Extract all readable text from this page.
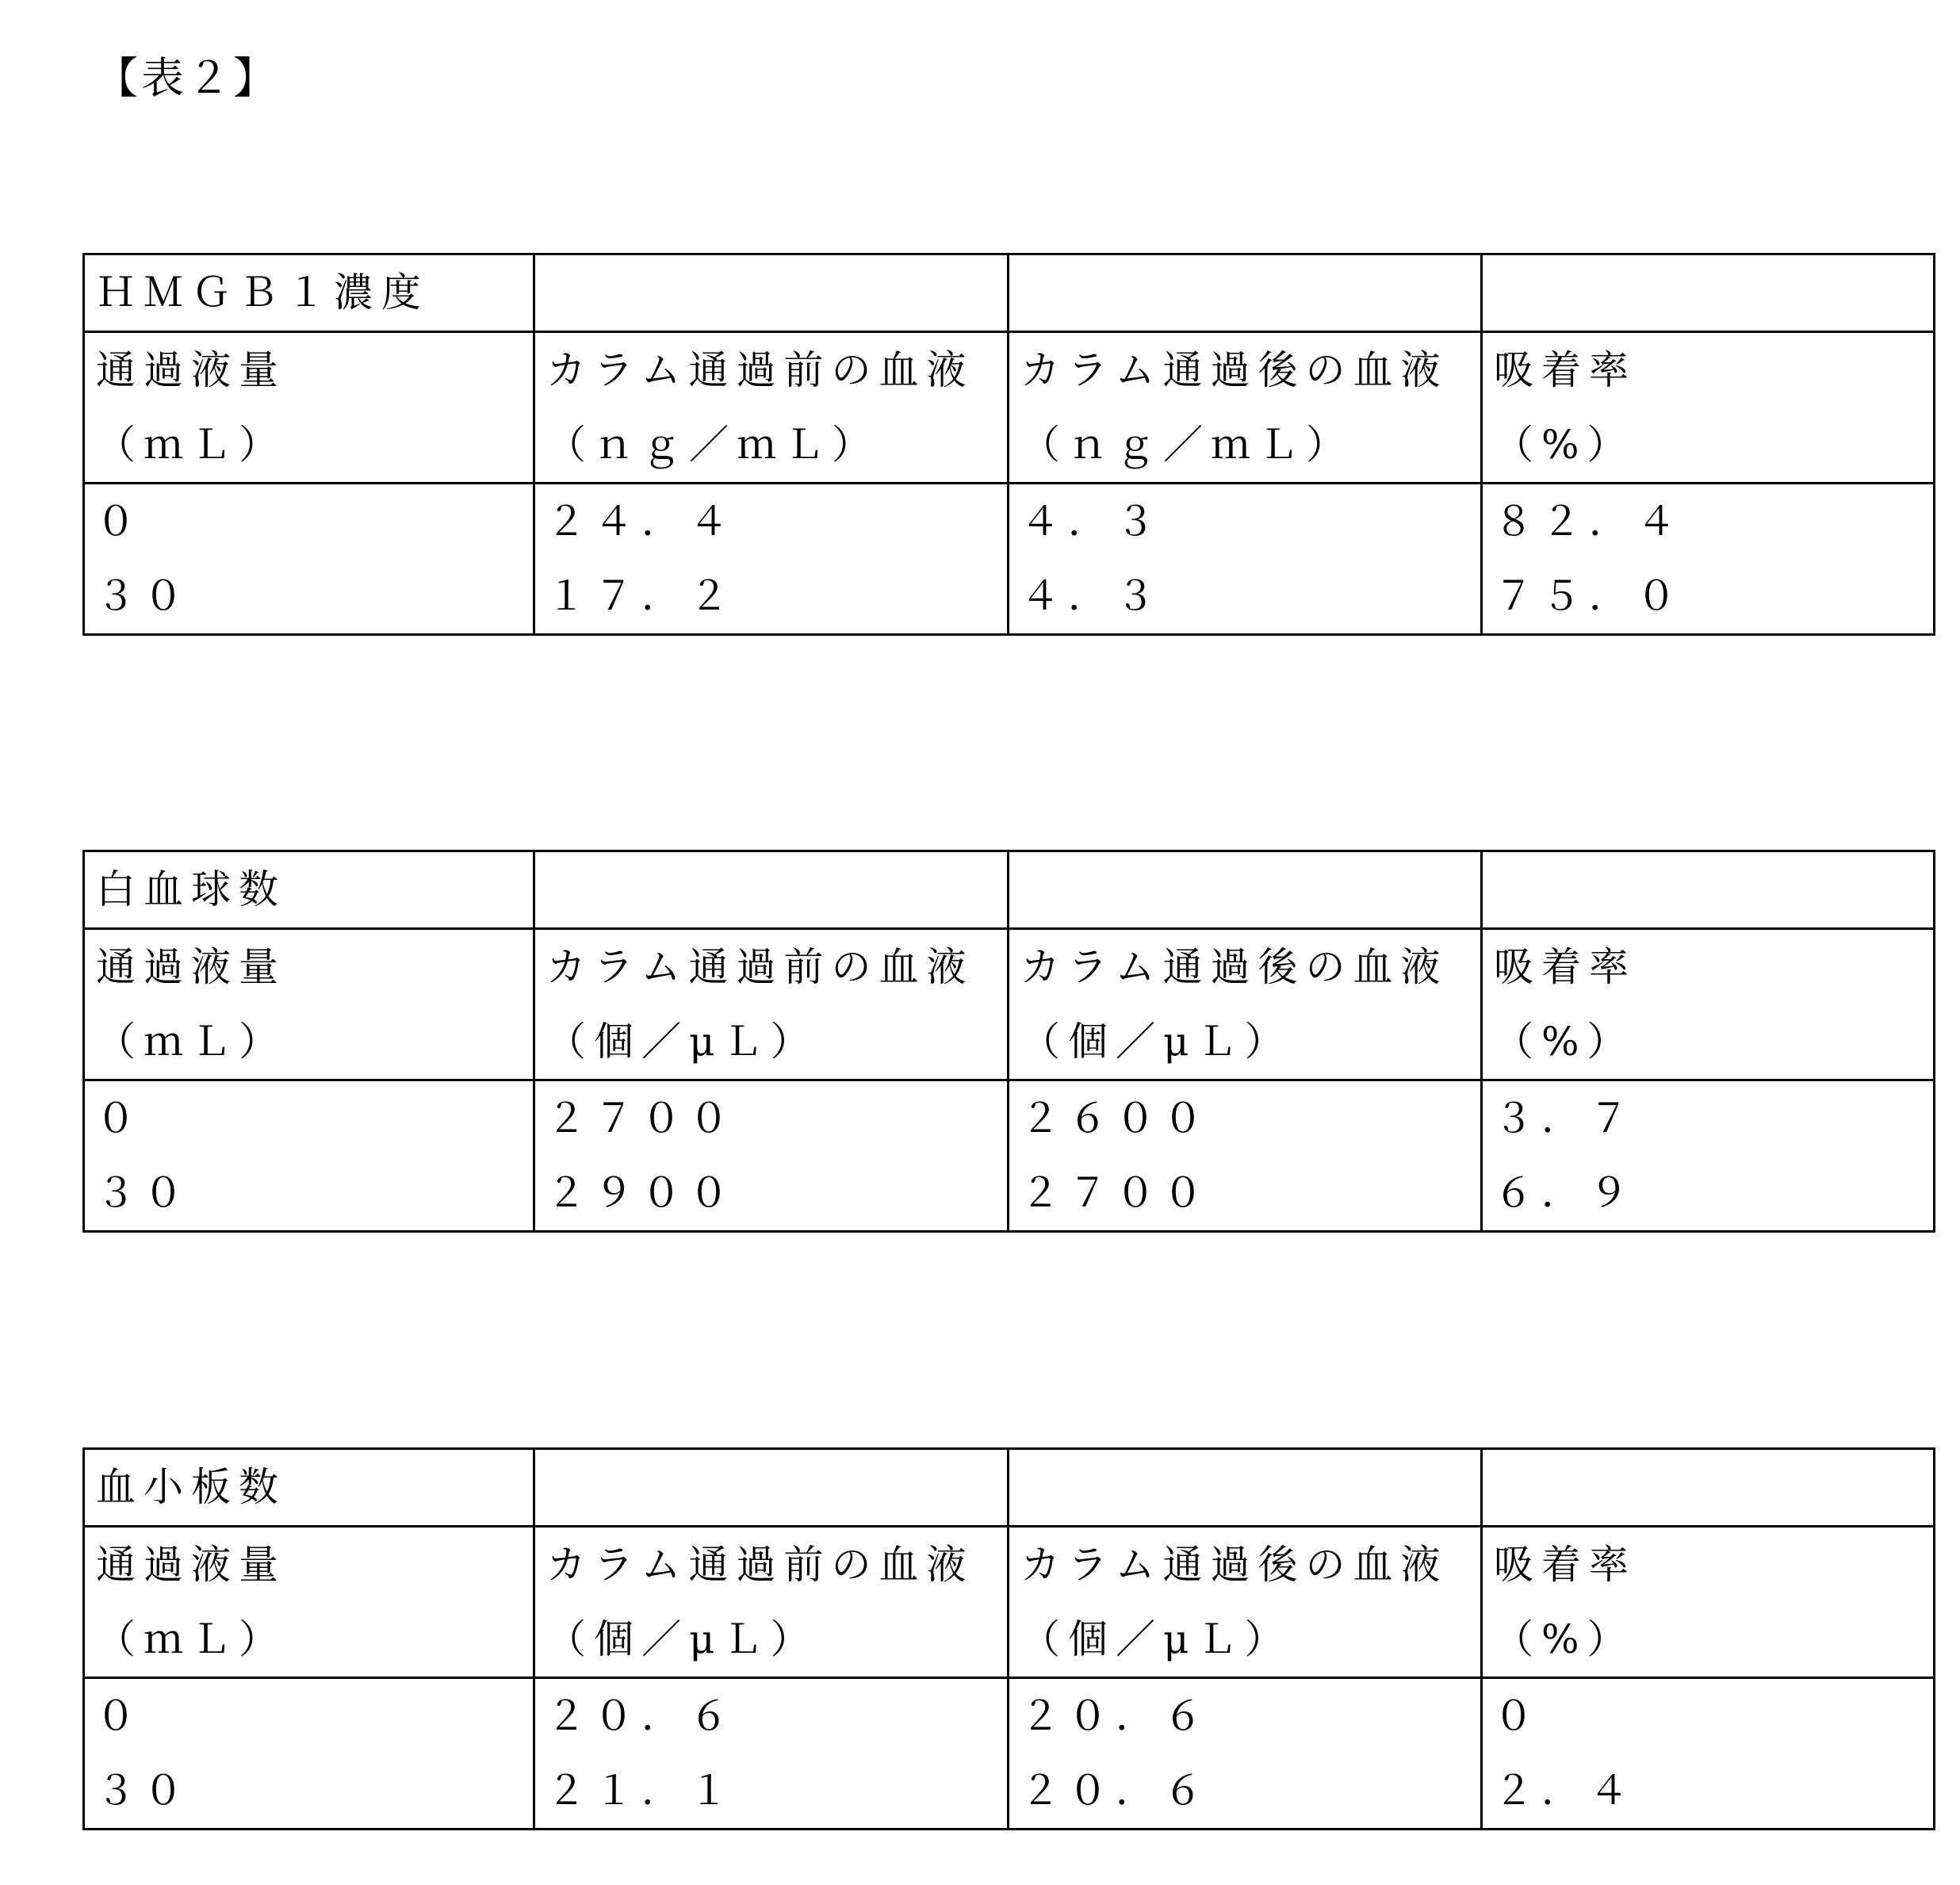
【表２】
ＨＭＧＢ１濃度			

通過液量
（ｍＬ）

カラム通過前の血液
（ｎｇ／ｍＬ）

カラム通過後の血液
（ｎｇ／ｍＬ）

吸着率
（%）

０
３０

２４．４
１７．２

４．３
４．３

８２．４
７５．０
白血球数			

通過液量
（ｍＬ）

カラム通過前の血液
（個／μＬ）

カラム通過後の血液
（個／μＬ）

吸着率
（%）

０
３０

２７００
２９００

２６００
２７００

３．７
６．９
血小板数			

通過液量
（ｍＬ）

カラム通過前の血液
（個／μＬ）

カラム通過後の血液
（個／μＬ）

吸着率
（%）

０
３０

２０．６
２１．１

２０．６
２０．６

０
２．４
